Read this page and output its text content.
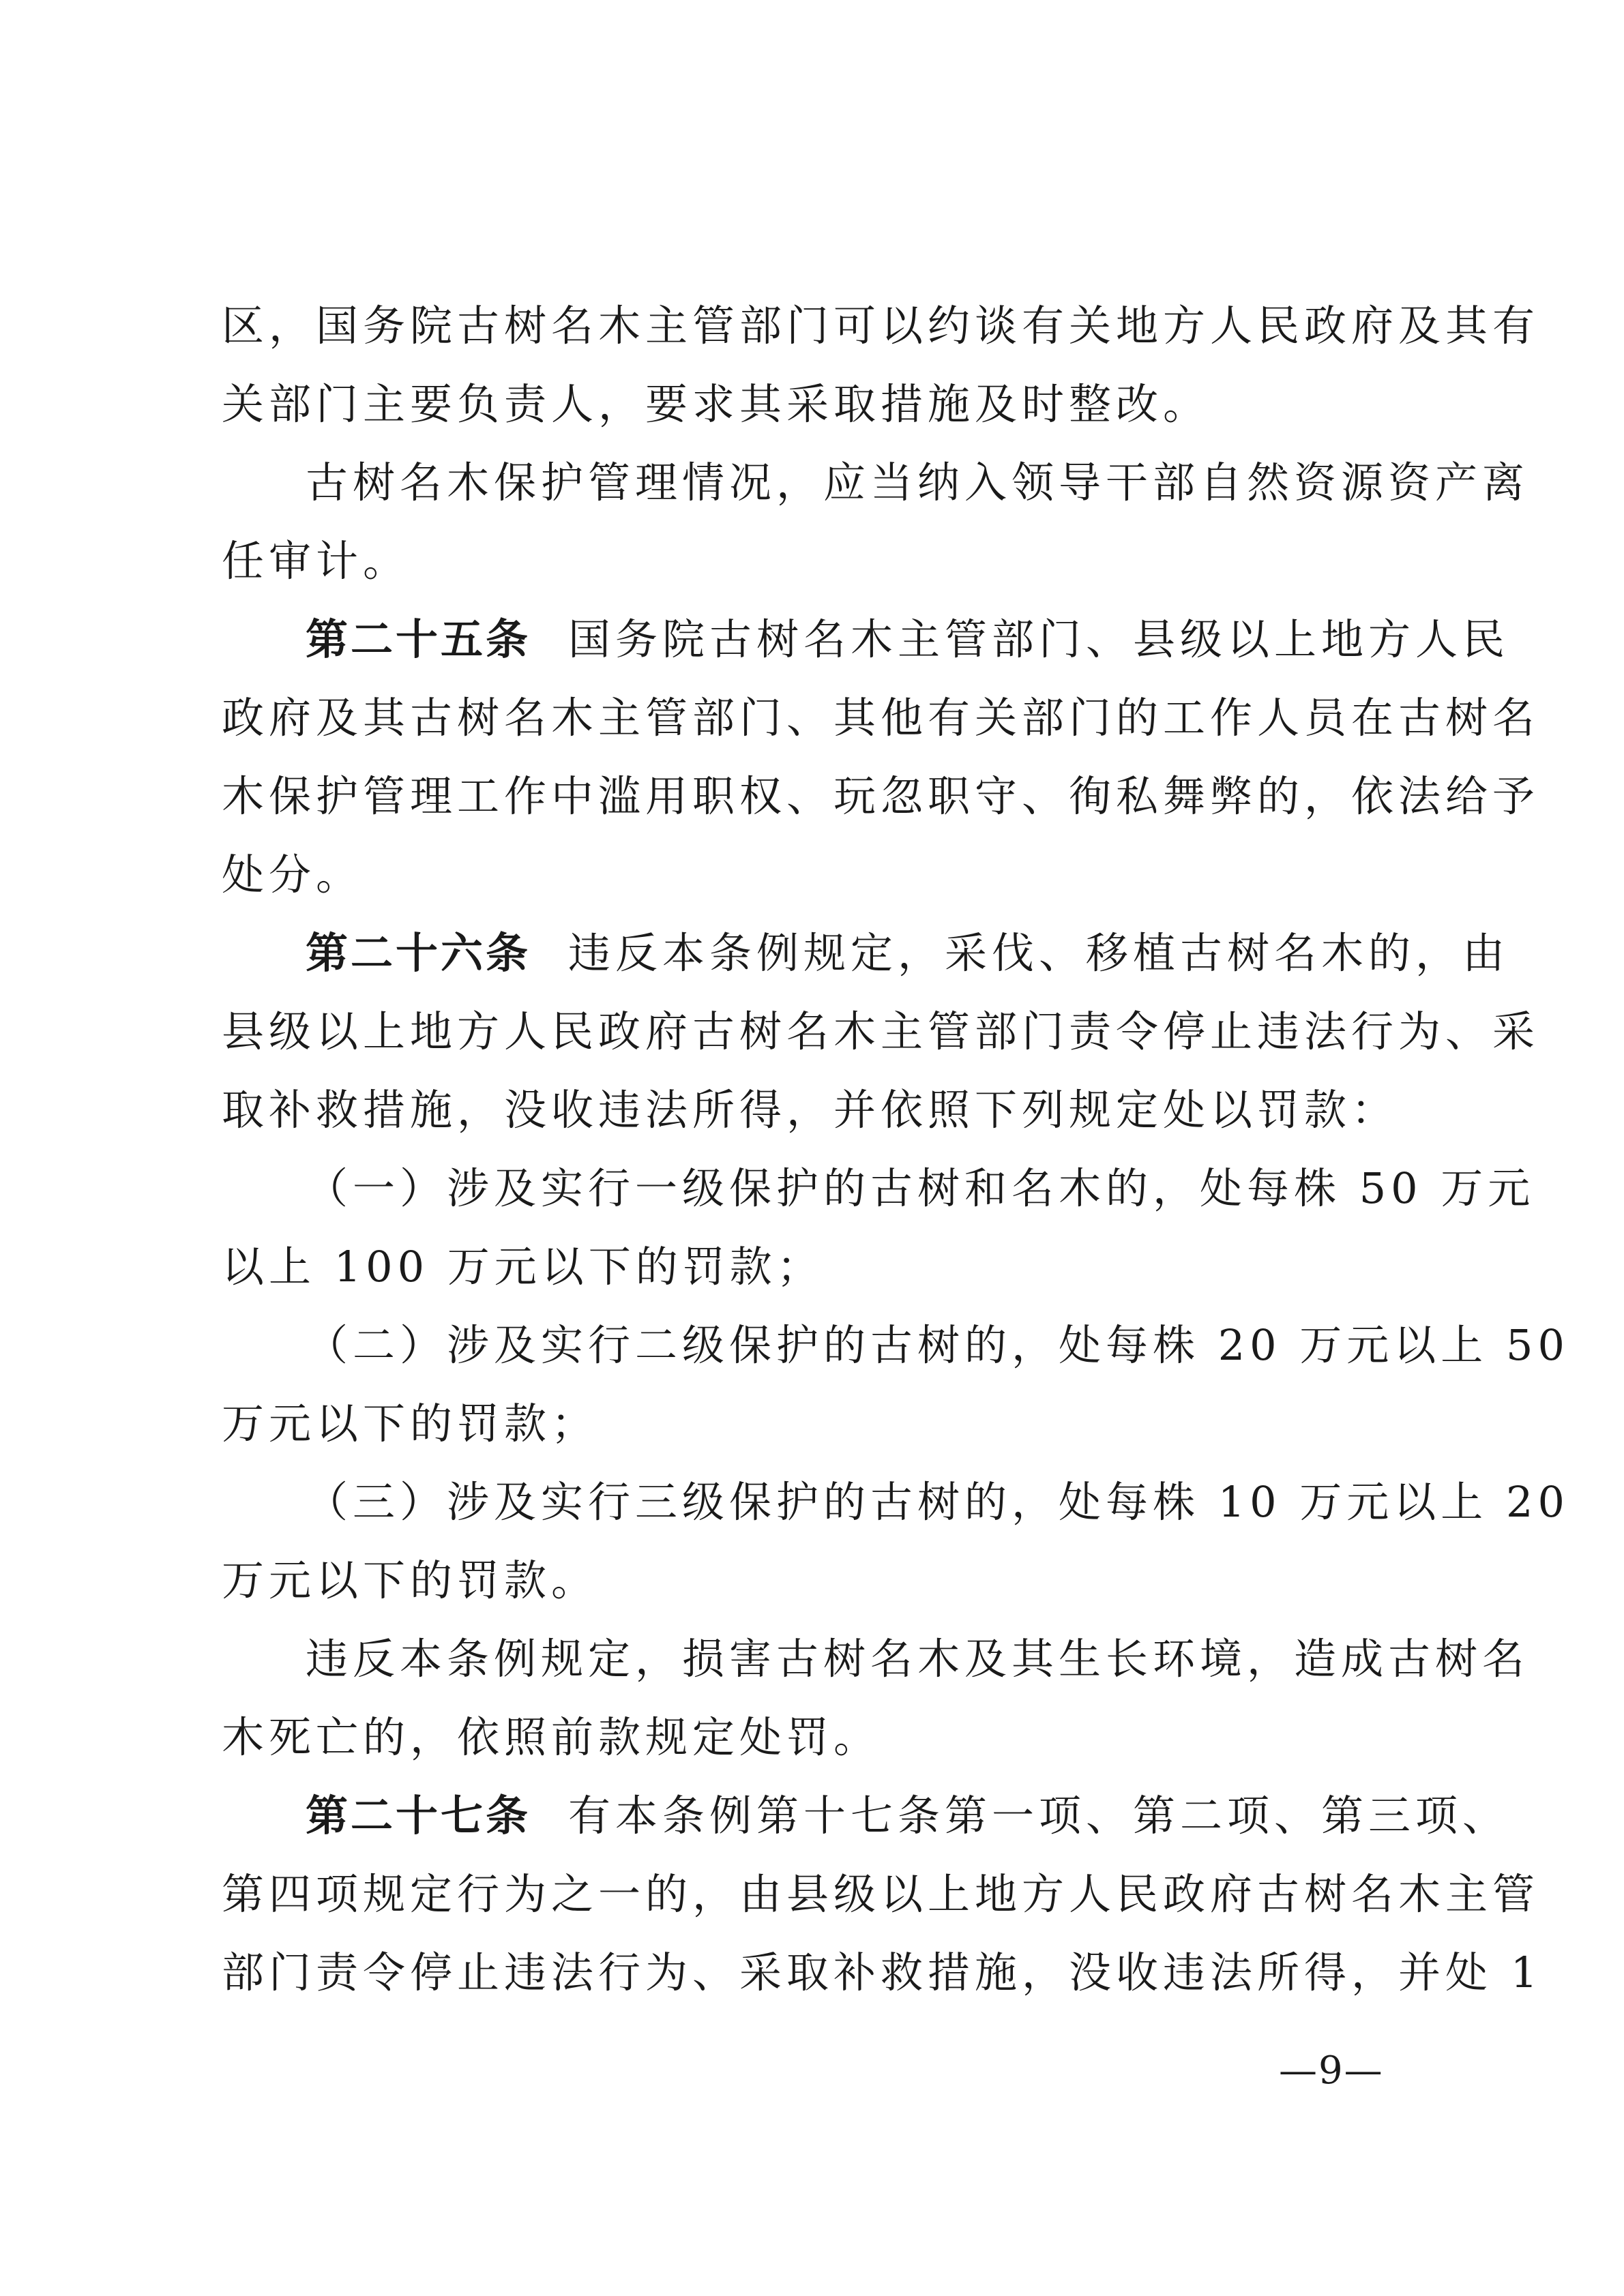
区，国务院古树名木主管部门可以约谈有关地方人民政府及其有
关部门主要负责人，要求其采取措施及时整改。
古树名木保护管理情况，应当纳入领导干部自然资源资产离
任审计。
第二十五条 国务院古树名木主管部门、县级以上地方人民
政府及其古树名木主管部门、其他有关部门的工作人员在古树名
木保护管理工作中滥用职权、玩忽职守、徇私舞弊的，依法给予
处分。
第二十六条 违反本条例规定，采伐、移植古树名木的，由
县级以上地方人民政府古树名木主管部门责令停止违法行为、采
取补救措施，没收违法所得，并依照下列规定处以罚款：
（一）涉及实行一级保护的古树和名木的，处每株 50 万元
以上 100 万元以下的罚款；
（二）涉及实行二级保护的古树的，处每株 20 万元以上 50
万元以下的罚款；
（三）涉及实行三级保护的古树的，处每株 10 万元以上 20
万元以下的罚款。
违反本条例规定，损害古树名木及其生长环境，造成古树名
木死亡的，依照前款规定处罚。
第二十七条 有本条例第十七条第一项、第二项、第三项、
第四项规定行为之一的，由县级以上地方人民政府古树名木主管
部门责令停止违法行为、采取补救措施，没收违法所得，并处 1
—9—
